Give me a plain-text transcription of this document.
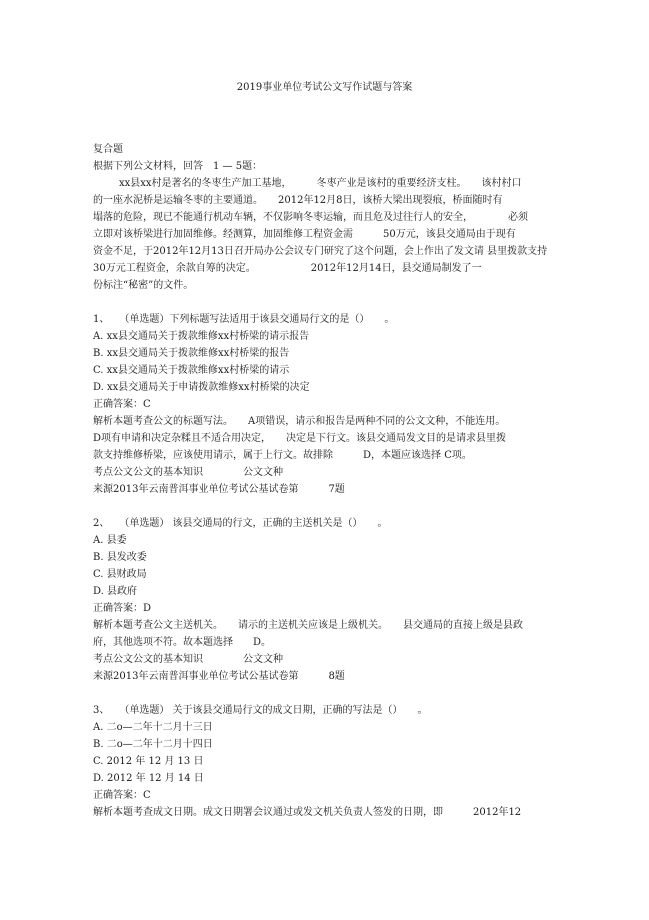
2019事业单位考试公文写作试题与答案
复合题
根据下列公文材料，回答　1 — 5题：
xx县xx村是著名的冬枣生产加工基地，　　　冬枣产业是该村的重要经济支柱。　　该村村口
的一座水泥桥是运输冬枣的主要通道。　　2012年12月8日，该桥大梁出现裂痕，桥面随时有
塌落的危险，现已不能通行机动车辆，不仅影响冬枣运输，而且危及过往行人的安全，　　　　必须
立即对该桥梁进行加固维修。经测算，加固维修工程资金需　　　50万元，该县交通局由于现有
资金不足，于2012年12月13日召开局办公会议专门研究了这个问题，会上作出了发文请 县里拨款支持
30万元工程资金，余款自筹的决定。　　　　　　2012年12月14日，县交通局制发了一
份标注“秘密”的文件。
1、　　（单选题）下列标题写法适用于该县交通局行文的是（）　　。
A. xx县交通局关于拨款维修xx村桥梁的请示报告
B. xx县交通局关于拨款维修xx村桥梁的报告
C. xx县交通局关于拨款维修xx村桥梁的请示
D. xx县交通局关于申请拨款维修xx村桥梁的决定
正确答案：C
解析本题考查公文的标题写法。　　A项错误，请示和报告是两种不同的公文文种，不能连用。
D项有申请和决定杂糅且不适合用决定，　　决定是下行文。该县交通局发文目的是请求县里拨
款支持维修桥梁，应该使用请示，属于上行文。故排除　　　D，本题应该选择 C项。
考点公文公文的基本知识　　　　公文文种
来源2013年云南普洱事业单位考试公基试卷第　　　7题
2、　　（单选题） 该县交通局的行文，正确的主送机关是（）　　。
A. 县委
B. 县发改委
C. 县财政局
D. 县政府
正确答案：D
解析本题考查公文主送机关。　　请示的主送机关应该是上级机关。　　县交通局的直接上级是县政
府，其他选项不符。故本题选择　　D。
考点公文公文的基本知识　　　　公文文种
来源2013年云南普洱事业单位考试公基试卷第　　　8题
3、　　（单选题） 关于该县交通局行文的成文日期，正确的写法是（）　　。
A. 二o—二年十二月十三日
B. 二o—二年十二月十四日
C. 2012 年 12 月 13 日
D. 2012 年 12 月 14 日
正确答案：C
解析本题考查成文日期。成文日期署会议通过或发文机关负责人签发的日期，即　　　2012年12
